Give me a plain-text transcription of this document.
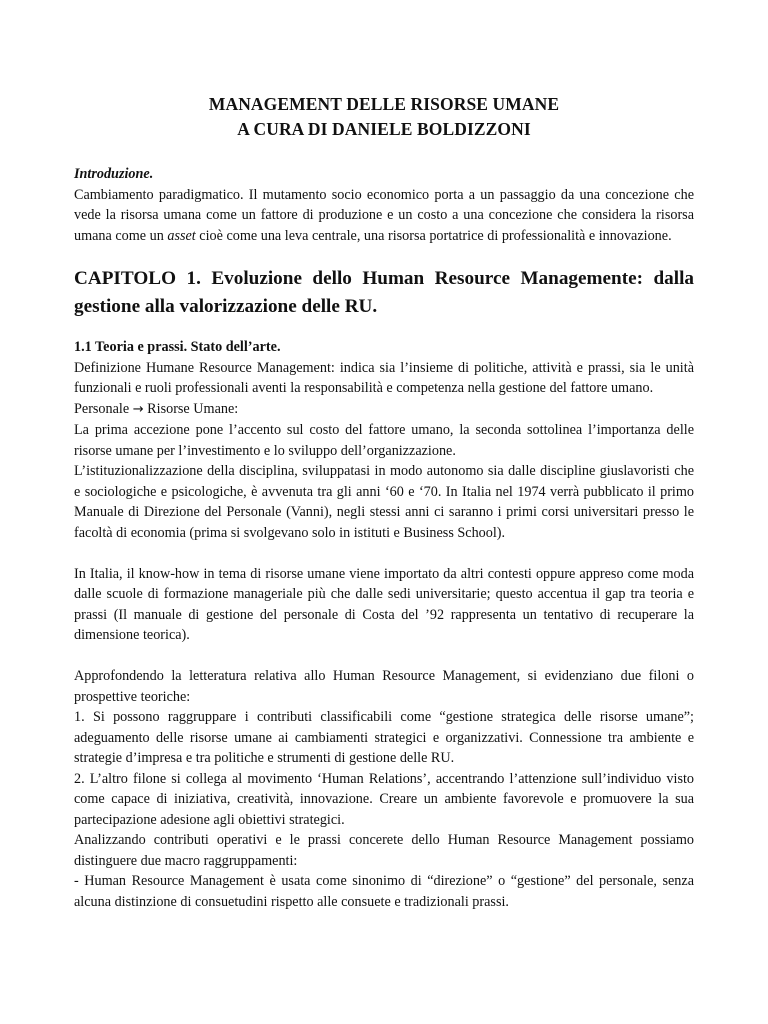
MANAGEMENT DELLE RISORSE UMANE
A CURA DI DANIELE BOLDIZZONI
Introduzione.

Cambiamento paradigmatico. Il mutamento socio economico porta a un passaggio da una concezione che vede la risorsa umana come un fattore di produzione e un costo a una concezione che considera la risorsa umana come un asset cioè come una leva centrale, una risorsa portatrice di professionalità e innovazione.

CAPITOLO 1. Evoluzione dello Human Resource Managemente: dalla gestione alla valorizzazione delle RU.
1.1 Teoria e prassi. Stato dell’arte.

Definizione Humane Resource Management: indica sia l’insieme di politiche, attività e prassi, sia le unità funzionali e ruoli professionali aventi la responsabilità e competenza nella gestione del fattore umano.

Personale → Risorse Umane:

La prima accezione pone l’accento sul costo del fattore umano, la seconda sottolinea l’importanza delle risorse umane per l’investimento e lo sviluppo dell’organizzazione.

L’istituzionalizzazione della disciplina, sviluppatasi in modo autonomo sia dalle discipline giuslavoristi che e sociologiche e psicologiche, è avvenuta tra gli anni ‘60 e ‘70. In Italia nel 1974 verrà pubblicato il primo Manuale di Direzione del Personale (Vanni), negli stessi anni ci saranno i primi corsi universitari presso le facoltà di economia (prima si svolgevano solo in istituti e Business School).

In Italia, il know-how in tema di risorse umane viene importato da altri contesti oppure appreso come moda dalle scuole di formazione manageriale più che dalle sedi universitarie; questo accentua il gap tra teoria e prassi (Il manuale di gestione del personale di Costa del ’92 rappresenta un tentativo di recuperare la dimensione teorica).

Approfondendo la letteratura relativa allo Human Resource Management, si evidenziano due filoni o prospettive teoriche:

1. Si possono raggruppare i contributi classificabili come “gestione strategica delle risorse umane”; adeguamento delle risorse umane ai cambiamenti strategici e organizzativi. Connessione tra ambiente e strategie d’impresa e tra politiche e strumenti di gestione delle RU.

2. L’altro filone si collega al movimento ‘Human Relations’, accentrando l’attenzione sull’individuo visto come capace di iniziativa, creatività, innovazione. Creare un ambiente favorevole e promuovere la sua partecipazione adesione agli obiettivi strategici.

Analizzando contributi operativi e le prassi concerete dello Human Resource Management possiamo distinguere due macro raggruppamenti:

- Human Resource Management è usata come sinonimo di “direzione” o “gestione” del personale, senza alcuna distinzione di consuetudini rispetto alle consuete e tradizionali prassi.
